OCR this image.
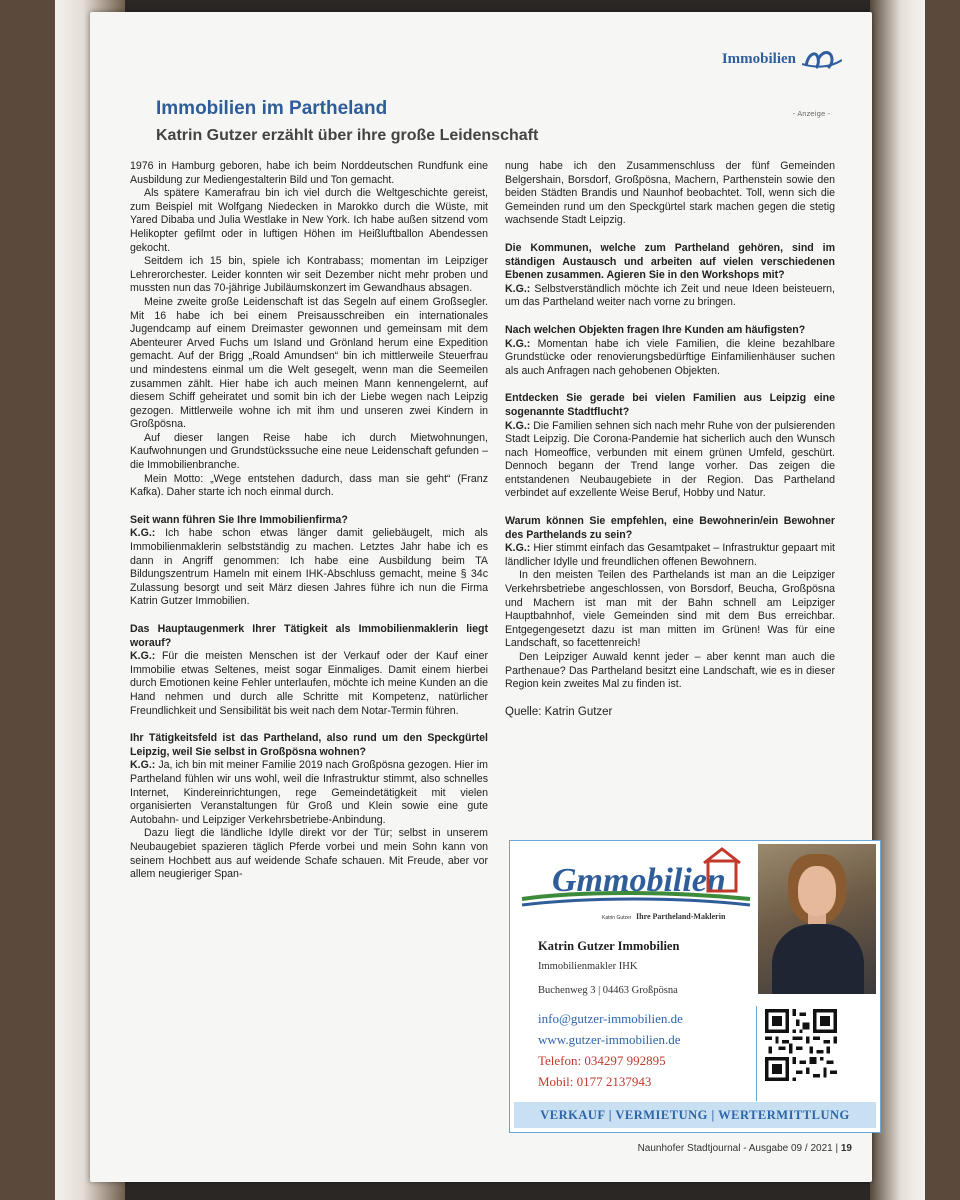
Immobilien
- Anzeige -
Immobilien im Partheland
Katrin Gutzer erzählt über ihre große Leidenschaft

1976 in Hamburg geboren, habe ich beim Norddeutschen Rundfunk eine Ausbildung zur Mediengestalterin Bild und Ton gemacht.

Als spätere Kamerafrau bin ich viel durch die Weltgeschichte gereist, zum Beispiel mit Wolfgang Niedecken in Marokko durch die Wüste, mit Yared Dibaba und Julia Westlake in New York. Ich habe außen sitzend vom Helikopter gefilmt oder in luftigen Höhen im Heißluftballon Abendessen gekocht.

Seitdem ich 15 bin, spiele ich Kontrabass; momentan im Leipziger Lehrerorchester. Leider konnten wir seit Dezember nicht mehr proben und mussten nun das 70-jährige Jubiläumskonzert im Gewandhaus absagen.

Meine zweite große Leidenschaft ist das Segeln auf einem Großsegler. Mit 16 habe ich bei einem Preisausschreiben ein internationales Jugendcamp auf einem Dreimaster gewonnen und gemeinsam mit dem Abenteurer Arved Fuchs um Island und Grönland herum eine Expedition gemacht. Auf der Brigg „Roald Amundsen“ bin ich mittlerweile Steuerfrau und mindestens einmal um die Welt gesegelt, wenn man die Seemeilen zusammen zählt. Hier habe ich auch meinen Mann kennengelernt, auf diesem Schiff geheiratet und somit bin ich der Liebe wegen nach Leipzig gezogen. Mittlerweile wohne ich mit ihm und unseren zwei Kindern in Großpösna.

Auf dieser langen Reise habe ich durch Mietwohnungen, Kaufwohnungen und Grundstückssuche eine neue Leidenschaft gefunden – die Immobilienbranche.

Mein Motto: „Wege entstehen dadurch, dass man sie geht“ (Franz Kafka). Daher starte ich noch einmal durch.

Seit wann führen Sie Ihre Immobilienfirma?

K.G.: Ich habe schon etwas länger damit geliebäugelt, mich als Immobilienmaklerin selbstständig zu machen. Letztes Jahr habe ich es dann in Angriff genommen: Ich habe eine Ausbildung beim TA Bildungszentrum Hameln mit einem IHK-Abschluss gemacht, meine § 34c Zulassung besorgt und seit März diesen Jahres führe ich nun die Firma Katrin Gutzer Immobilien.

Das Hauptaugenmerk Ihrer Tätigkeit als Immobilienmaklerin liegt worauf?

K.G.: Für die meisten Menschen ist der Verkauf oder der Kauf einer Immobilie etwas Seltenes, meist sogar Einmaliges. Damit einem hierbei durch Emotionen keine Fehler unterlaufen, möchte ich meine Kunden an die Hand nehmen und durch alle Schritte mit Kompetenz, natürlicher Freundlichkeit und Sensibilität bis weit nach dem Notar-Termin führen.

Ihr Tätigkeitsfeld ist das Partheland, also rund um den Speckgürtel Leipzig, weil Sie selbst in Großpösna wohnen?

K.G.: Ja, ich bin mit meiner Familie 2019 nach Großpösna gezogen. Hier im Partheland fühlen wir uns wohl, weil die Infrastruktur stimmt, also schnelles Internet, Kindereinrichtungen, rege Gemeindetätigkeit mit vielen organisierten Veranstaltungen für Groß und Klein sowie eine gute Autobahn- und Leipziger Verkehrsbetriebe-Anbindung.

Dazu liegt die ländliche Idylle direkt vor der Tür; selbst in unserem Neubaugebiet spazieren täglich Pferde vorbei und mein Sohn kann von seinem Hochbett aus auf weidende Schafe schauen. Mit Freude, aber vor allem neugieriger Span-

nung habe ich den Zusammenschluss der fünf Gemeinden Belgershain, Borsdorf, Großpösna, Machern, Parthenstein sowie den beiden Städten Brandis und Naunhof beobachtet. Toll, wenn sich die Gemeinden rund um den Speckgürtel stark machen gegen die stetig wachsende Stadt Leipzig.

Die Kommunen, welche zum Partheland gehören, sind im ständigen Austausch und arbeiten auf vielen verschiedenen Ebenen zusammen. Agieren Sie in den Workshops mit?

K.G.: Selbstverständlich möchte ich Zeit und neue Ideen beisteuern, um das Partheland weiter nach vorne zu bringen.

Nach welchen Objekten fragen Ihre Kunden am häufigsten?

K.G.: Momentan habe ich viele Familien, die kleine bezahlbare Grundstücke oder renovierungsbedürftige Einfamilienhäuser suchen als auch Anfragen nach gehobenen Objekten.

Entdecken Sie gerade bei vielen Familien aus Leipzig eine sogenannte Stadtflucht?

K.G.: Die Familien sehnen sich nach mehr Ruhe von der pulsierenden Stadt Leipzig. Die Corona-Pandemie hat sicherlich auch den Wunsch nach Homeoffice, verbunden mit einem grünen Umfeld, geschürt. Dennoch begann der Trend lange vorher. Das zeigen die entstandenen Neubaugebiete in der Region. Das Partheland verbindet auf exzellente Weise Beruf, Hobby und Natur.

Warum können Sie empfehlen, eine Bewohnerin/ein Bewohner des Parthelands zu sein?

K.G.: Hier stimmt einfach das Gesamtpaket – Infrastruktur gepaart mit ländlicher Idylle und freundlichen offenen Bewohnern.

In den meisten Teilen des Parthelands ist man an die Leipziger Verkehrsbetriebe angeschlossen, von Borsdorf, Beucha, Großpösna und Machern ist man mit der Bahn schnell am Leipziger Hauptbahnhof, viele Gemeinden sind mit dem Bus erreichbar. Entgegengesetzt dazu ist man mitten im Grünen! Was für eine Landschaft, so facettenreich!

Den Leipziger Auwald kennt jeder – aber kennt man auch die Parthenaue? Das Partheland besitzt eine Landschaft, wie es in dieser Region kein zweites Mal zu finden ist.

Quelle: Katrin Gutzer

Gmmobilien
Katrin Gutzer Ihre Partheland-Maklerin
Katrin Gutzer Immobilien
Immobilienmakler IHK
Buchenweg 3 | 04463 Großpösna
info@gutzer-immobilien.de
www.gutzer-immobilien.de
Telefon: 034297 992895
Mobil: 0177 2137943
VERKAUF | VERMIETUNG | WERTERMITTLUNG
Naunhofer Stadtjournal - Ausgabe 09 / 2021 | 19
